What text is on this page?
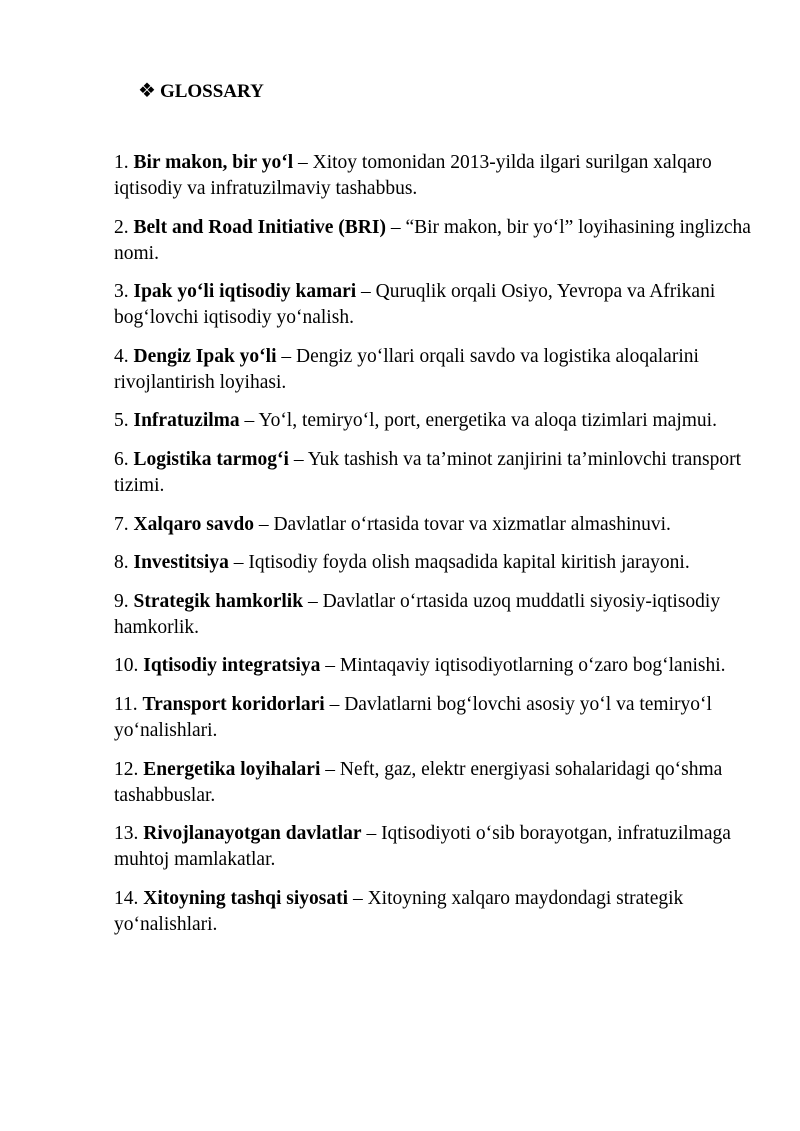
❖ GLOSSARY
1. Bir makon, bir yo‘l – Xitoy tomonidan 2013-yilda ilgari surilgan xalqaro iqtisodiy va infratuzilmaviy tashabbus.
2. Belt and Road Initiative (BRI) – “Bir makon, bir yo‘l” loyihasining inglizcha nomi.
3. Ipak yo‘li iqtisodiy kamari – Quruqlik orqali Osiyo, Yevropa va Afrikani bog‘lovchi iqtisodiy yo‘nalish.
4. Dengiz Ipak yo‘li – Dengiz yo‘llari orqali savdo va logistika aloqalarini rivojlantirish loyihasi.
5. Infratuzilma – Yo‘l, temiryo‘l, port, energetika va aloqa tizimlari majmui.
6. Logistika tarmog‘i – Yuk tashish va ta’minot zanjirini ta’minlovchi transport tizimi.
7. Xalqaro savdo – Davlatlar o‘rtasida tovar va xizmatlar almashinuvi.
8. Investitsiya – Iqtisodiy foyda olish maqsadida kapital kiritish jarayoni.
9. Strategik hamkorlik – Davlatlar o‘rtasida uzoq muddatli siyosiy-iqtisodiy hamkorlik.
10. Iqtisodiy integratsiya – Mintaqaviy iqtisodiyotlarning o‘zaro bog‘lanishi.
11. Transport koridorlari – Davlatlarni bog‘lovchi asosiy yo‘l va temiryo‘l yo‘nalishlari.
12. Energetika loyihalari – Neft, gaz, elektr energiyasi sohalaridagi qo‘shma tashabbuslar.
13. Rivojlanayotgan davlatlar – Iqtisodiyoti o‘sib borayotgan, infratuzilmaga muhtoj mamlakatlar.
14. Xitoyning tashqi siyosati – Xitoyning xalqaro maydondagi strategik yo‘nalishlari.
